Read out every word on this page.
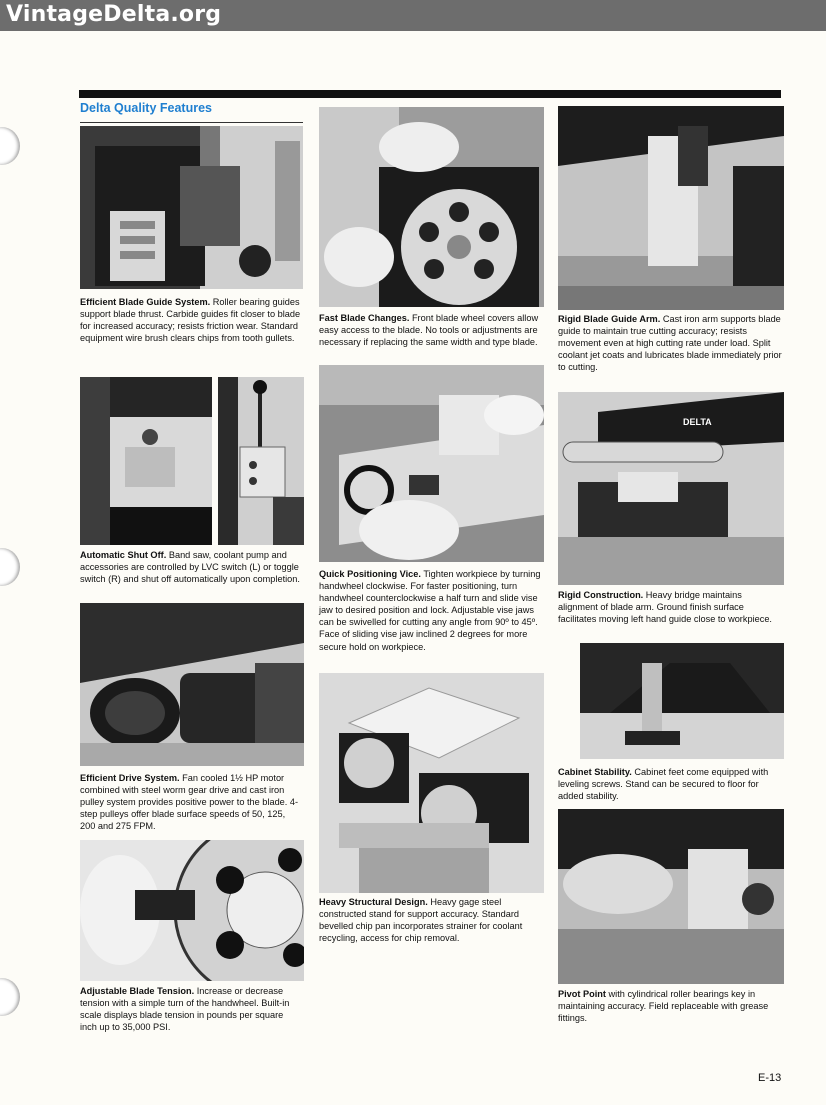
VintageDelta.org
Delta Quality Features
Efficient Blade Guide System. Roller bearing guides support blade thrust. Carbide guides fit closer to blade for increased accuracy; resists friction wear. Standard equipment wire brush clears chips from tooth gullets.
Automatic Shut Off. Band saw, coolant pump and accessories are controlled by LVC switch (L) or toggle switch (R) and shut off automatically upon completion.
Efficient Drive System. Fan cooled 1½ HP motor combined with steel worm gear drive and cast iron pulley system provides positive power to the blade. 4-step pulleys offer blade surface speeds of 50, 125, 200 and 275 FPM.
Adjustable Blade Tension. Increase or decrease tension with a simple turn of the handwheel. Built-in scale displays blade tension in pounds per square inch up to 35,000 PSI.
Fast Blade Changes. Front blade wheel covers allow easy access to the blade. No tools or adjustments are necessary if replacing the same width and type blade.
Quick Positioning Vice. Tighten workpiece by turning handwheel clockwise. For faster positioning, turn handwheel counterclockwise a half turn and slide vise jaw to desired position and lock. Adjustable vise jaws can be swivelled for cutting any angle from 90º to 45º. Face of sliding vise jaw inclined 2 degrees for more secure hold on workpiece.
Heavy Structural Design. Heavy gage steel constructed stand for support accuracy. Standard bevelled chip pan incorporates strainer for coolant recycling, access for chip removal.
Rigid Blade Guide Arm. Cast iron arm supports blade guide to maintain true cutting accuracy; resists movement even at high cutting rate under load. Split coolant jet coats and lubricates blade immediately prior to cutting.
DELTA
Rigid Construction. Heavy bridge maintains alignment of blade arm. Ground finish surface facilitates moving left hand guide close to workpiece.
Cabinet Stability. Cabinet feet come equipped with leveling screws. Stand can be secured to floor for added stability.
Pivot Point with cylindrical roller bearings key in maintaining accuracy. Field replaceable with grease fittings.
E-13
